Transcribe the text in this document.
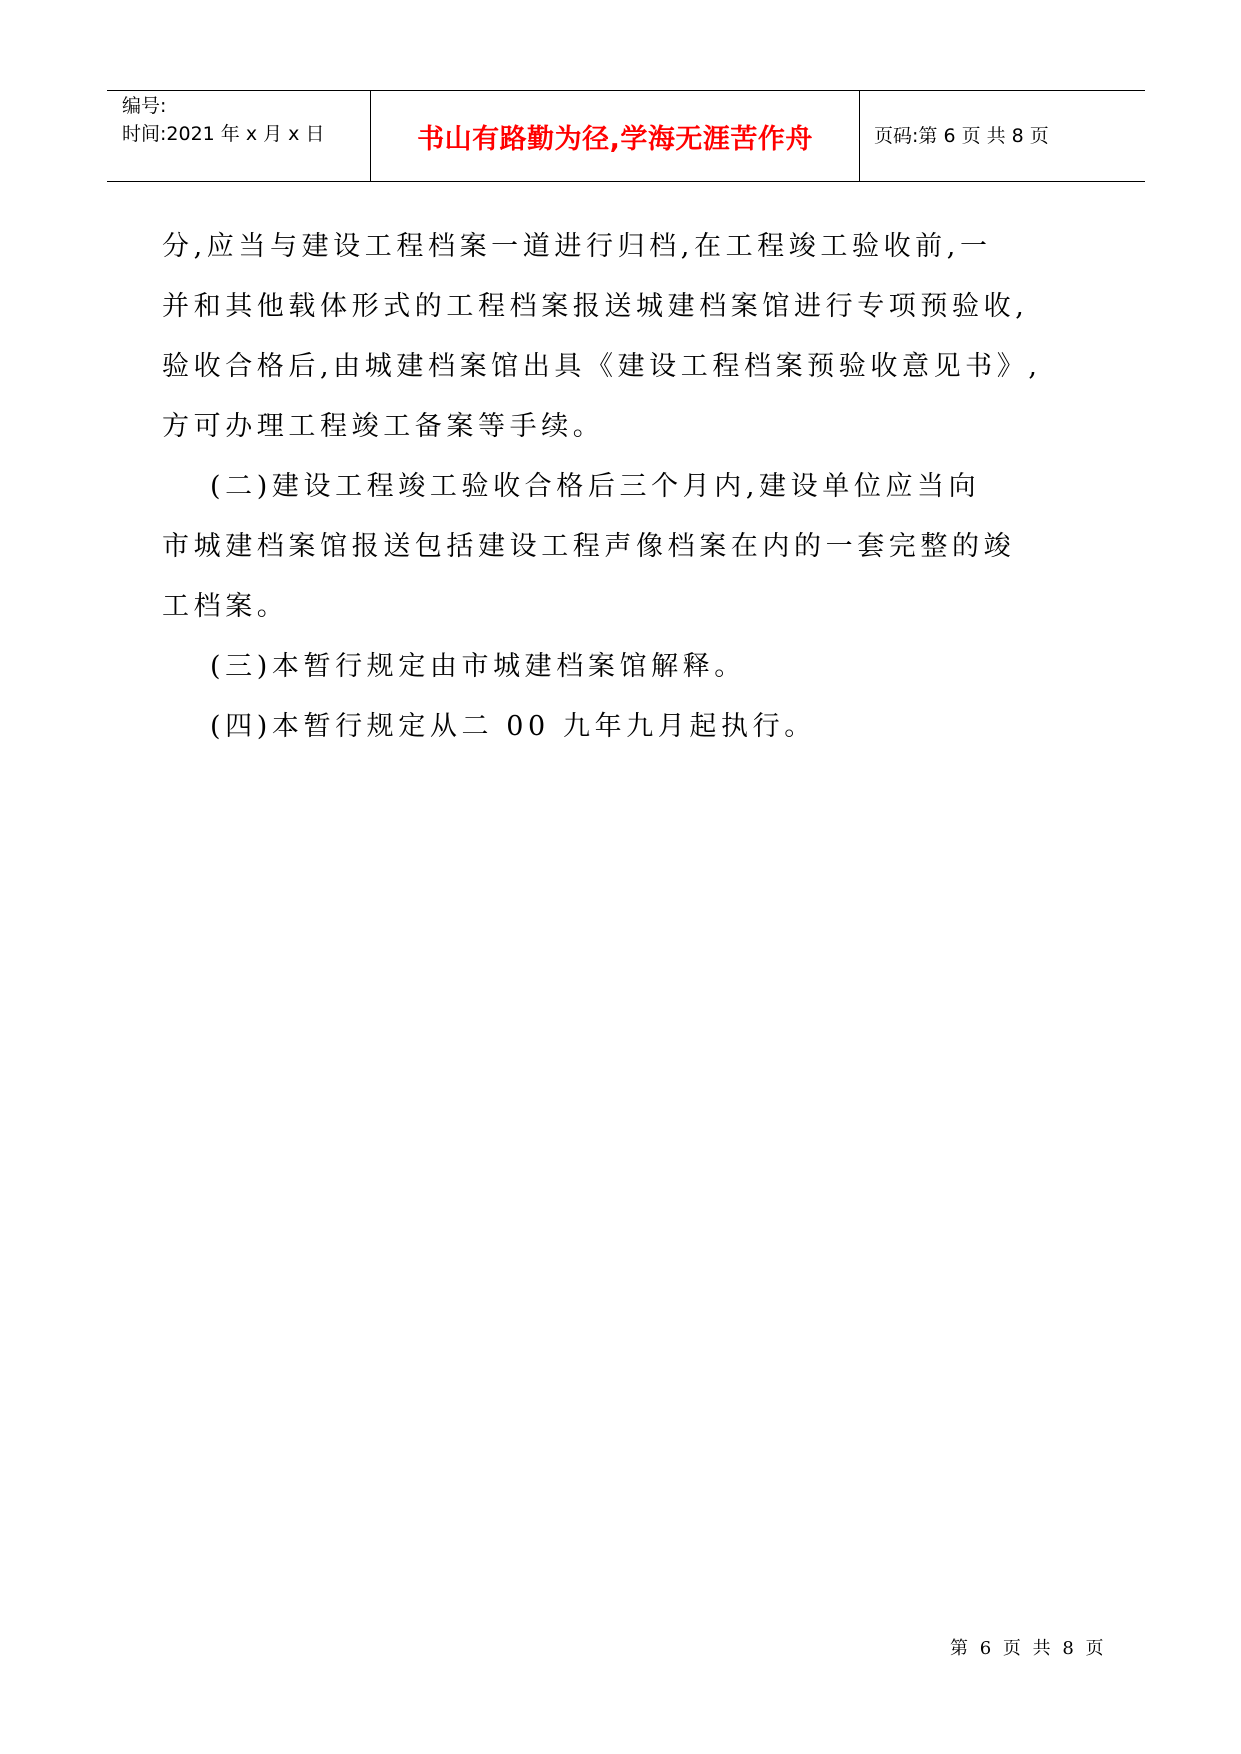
编号:
时间:2021 年 x 月 x 日	书山有路勤为径,学海无涯苦作舟	页码:第 6 页 共 8 页
分,应当与建设工程档案一道进行归档,在工程竣工验收前,一
并和其他载体形式的工程档案报送城建档案馆进行专项预验收,
验收合格后,由城建档案馆出具《建设工程档案预验收意见书》,
方可办理工程竣工备案等手续。
(二)建设工程竣工验收合格后三个月内,建设单位应当向
市城建档案馆报送包括建设工程声像档案在内的一套完整的竣
工档案。
(三)本暂行规定由市城建档案馆解释。
(四)本暂行规定从二 00 九年九月起执行。
第 6 页 共 8 页
